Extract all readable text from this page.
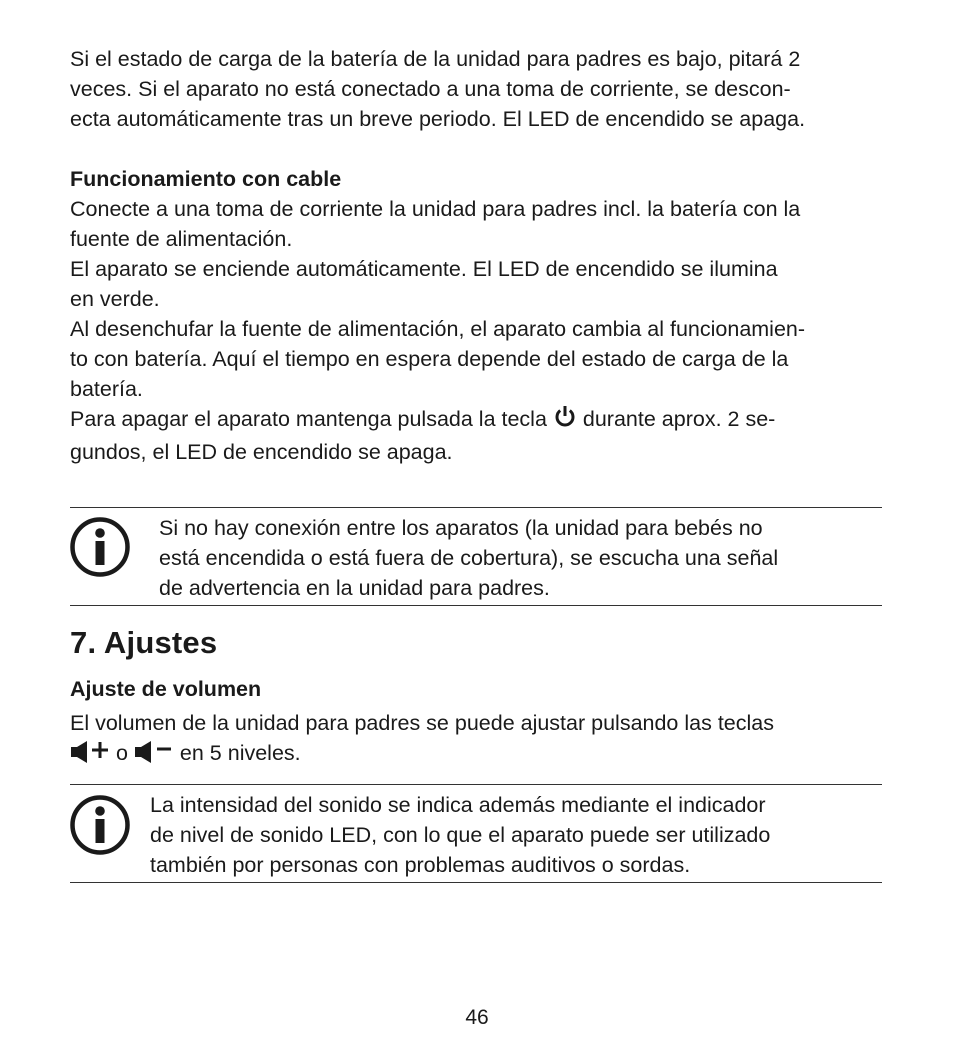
Si el estado de carga de la batería de la unidad para padres es bajo, pitará 2

veces. Si el aparato no está conectado a una toma de corriente, se descon-

ecta automáticamente tras un breve periodo. El LED de encendido se apaga.

Funcionamiento con cable

Conecte a una toma de corriente la unidad para padres incl. la batería con la

fuente de alimentación.

El aparato se enciende automáticamente. El LED de encendido se ilumina

en verde.

Al desenchufar la fuente de alimentación, el aparato cambia al funcionamien-

to con batería. Aquí el tiempo en espera depende del estado de carga de la

batería.

Para apagar el aparato mantenga pulsada la tecla durante aprox. 2 se-

gundos, el LED de encendido se apaga.

Si no hay conexión entre los aparatos (la unidad para bebés no

está encendida o está fuera de cobertura), se escucha una señal

de advertencia en la unidad para padres.

7. Ajustes

Ajuste de volumen

El volumen de la unidad para padres se puede ajustar pulsando las teclas

o en 5 niveles.

La intensidad del sonido se indica además mediante el indicador

de nivel de sonido LED, con lo que el aparato puede ser utilizado

también por personas con problemas auditivos o sordas.

46
